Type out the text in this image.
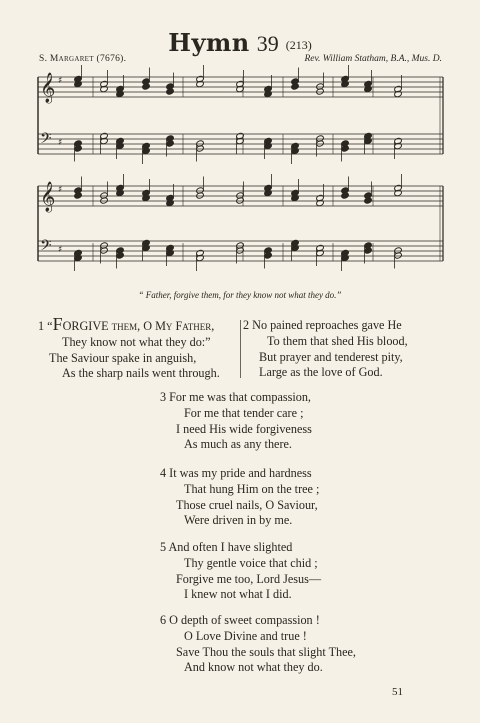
Hymn 39 (213)
S. Margaret (7676).	Rev. William Statham, B.A., Mus. D.
𝄞 ♯
𝄢 ♯
𝄞 ♯
𝄢 ♯
“ Father, forgive them, for they know not what they do.”
1 “FORGIVE them, O My Father,
They know not what they do:”
The Saviour spake in anguish,
As the sharp nails went through.
2 No pained reproaches gave He
To them that shed His blood,
But prayer and tenderest pity,
Large as the love of God.
3 For me was that compassion,
For me that tender care ;
I need His wide forgiveness
As much as any there.
4 It was my pride and hardness
That hung Him on the tree ;
Those cruel nails, O Saviour,
Were driven in by me.
5 And often I have slighted
Thy gentle voice that chid ;
Forgive me too, Lord Jesus—
I knew not what I did.
6 O depth of sweet compassion !
O Love Divine and true !
Save Thou the souls that slight Thee,
And know not what they do.
51
